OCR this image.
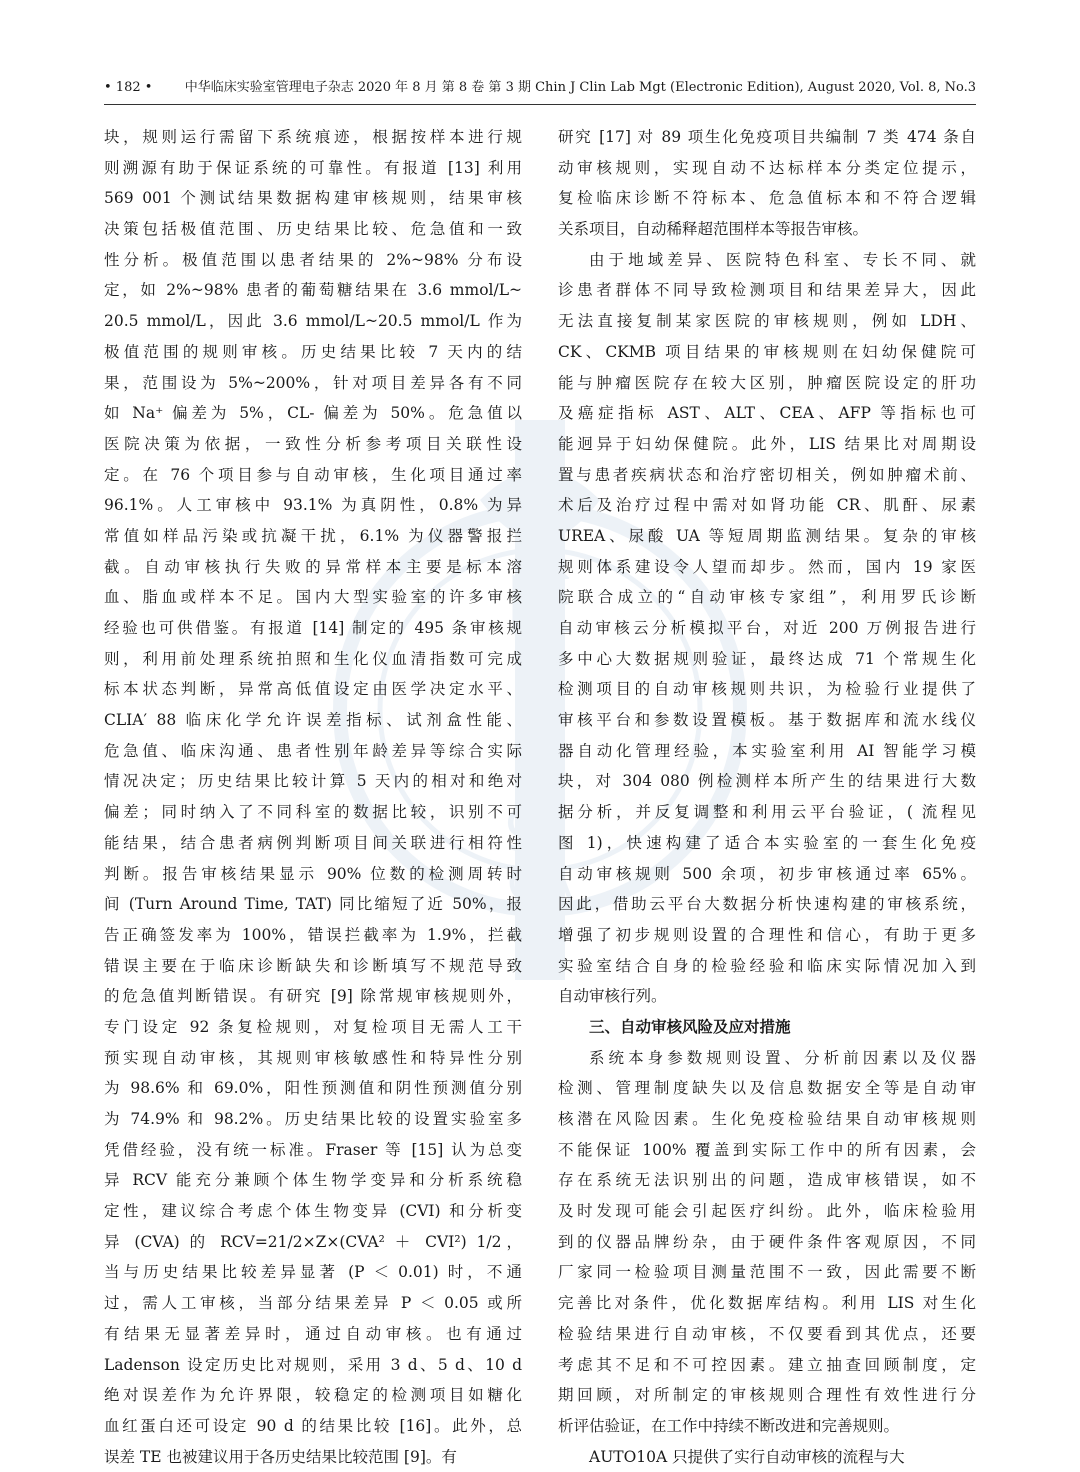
医
91
CA
• 182 • 中华临床实验室管理电子杂志 2020 年 8 月 第 8 卷 第 3 期 Chin J Clin Lab Mgt (Electronic Edition), August 2020, Vol. 8, No.3
块，规则运行需留下系统痕迹，根据按样本进行规
则溯源有助于保证系统的可靠性。有报道 [13] 利用
569 001 个测试结果数据构建审核规则，结果审核
决策包括极值范围、历史结果比较、危急值和一致
性分析。极值范围以患者结果的 2%~98% 分布设
定，如 2%~98% 患者的葡萄糖结果在 3.6 mmol/L~
20.5 mmol/L，因此 3.6 mmol/L~20.5 mmol/L 作为
极值范围的规则审核。历史结果比较 7 天内的结
果，范围设为 5%~200%，针对项目差异各有不同
如 Na⁺ 偏差为 5%，CL- 偏差为 50%。危急值以
医院决策为依据，一致性分析参考项目关联性设
定。在 76 个项目参与自动审核，生化项目通过率
96.1%。人工审核中 93.1% 为真阴性，0.8% 为异
常值如样品污染或抗凝干扰，6.1% 为仪器警报拦
截。自动审核执行失败的异常样本主要是标本溶
血、脂血或样本不足。国内大型实验室的许多审核
经验也可供借鉴。有报道 [14] 制定的 495 条审核规
则，利用前处理系统拍照和生化仪血清指数可完成
标本状态判断，异常高低值设定由医学决定水平、
CLIA′ 88 临床化学允许误差指标、试剂盒性能、
危急值、临床沟通、患者性别年龄差异等综合实际
情况决定；历史结果比较计算 5 天内的相对和绝对
偏差；同时纳入了不同科室的数据比较，识别不可
能结果，结合患者病例判断项目间关联进行相符性
判断。报告审核结果显示 90% 位数的检测周转时
间 (Turn Around Time, TAT) 同比缩短了近 50%，报
告正确签发率为 100%，错误拦截率为 1.9%，拦截
错误主要在于临床诊断缺失和诊断填写不规范导致
的危急值判断错误。有研究 [9] 除常规审核规则外，
专门设定 92 条复检规则，对复检项目无需人工干
预实现自动审核，其规则审核敏感性和特异性分别
为 98.6% 和 69.0%，阳性预测值和阴性预测值分别
为 74.9% 和 98.2%。历史结果比较的设置实验室多
凭借经验，没有统一标准。Fraser 等 [15] 认为总变
异 RCV 能充分兼顾个体生物学变异和分析系统稳
定性，建议综合考虑个体生物变异 (CVI) 和分析变
异 (CVA) 的 RCV=21/2×Z×(CVA² ＋ CVI²) 1/2，
当与历史结果比较差异显著 (P ＜ 0.01) 时，不通
过，需人工审核，当部分结果差异 P ＜ 0.05 或所
有结果无显著差异时，通过自动审核。也有通过
Ladenson 设定历史比对规则，采用 3 d、5 d、10 d
绝对误差作为允许界限，较稳定的检测项目如糖化
血红蛋白还可设定 90 d 的结果比较 [16]。此外，总
误差 TE 也被建议用于各历史结果比较范围 [9]。有
研究 [17] 对 89 项生化免疫项目共编制 7 类 474 条自
动审核规则，实现自动不达标样本分类定位提示，
复检临床诊断不符标本、危急值标本和不符合逻辑
关系项目，自动稀释超范围样本等报告审核。
由于地域差异、医院特色科室、专长不同、就
诊患者群体不同导致检测项目和结果差异大，因此
无法直接复制某家医院的审核规则，例如 LDH、
CK、CKMB 项目结果的审核规则在妇幼保健院可
能与肿瘤医院存在较大区别，肿瘤医院设定的肝功
及癌症指标 AST、ALT、CEA、AFP 等指标也可
能迥异于妇幼保健院。此外，LIS 结果比对周期设
置与患者疾病状态和治疗密切相关，例如肿瘤术前、
术后及治疗过程中需对如肾功能 CR、肌酐、尿素
UREA、尿酸 UA 等短周期监测结果。复杂的审核
规则体系建设令人望而却步。然而，国内 19 家医
院联合成立的“自动审核专家组”，利用罗氏诊断
自动审核云分析模拟平台，对近 200 万例报告进行
多中心大数据规则验证，最终达成 71 个常规生化
检测项目的自动审核规则共识，为检验行业提供了
审核平台和参数设置模板。基于数据库和流水线仪
器自动化管理经验，本实验室利用 AI 智能学习模
块，对 304 080 例检测样本所产生的结果进行大数
据分析，并反复调整和利用云平台验证，( 流程见
图 1)，快速构建了适合本实验室的一套生化免疫
自动审核规则 500 余项，初步审核通过率 65%。
因此，借助云平台大数据分析快速构建的审核系统，
增强了初步规则设置的合理性和信心，有助于更多
实验室结合自身的检验经验和临床实际情况加入到
自动审核行列。
三、自动审核风险及应对措施
系统本身参数规则设置、分析前因素以及仪器
检测、管理制度缺失以及信息数据安全等是自动审
核潜在风险因素。生化免疫检验结果自动审核规则
不能保证 100% 覆盖到实际工作中的所有因素，会
存在系统无法识别出的问题，造成审核错误，如不
及时发现可能会引起医疗纠纷。此外，临床检验用
到的仪器品牌纷杂，由于硬件条件客观原因，不同
厂家同一检验项目测量范围不一致，因此需要不断
完善比对条件，优化数据库结构。利用 LIS 对生化
检验结果进行自动审核，不仅要看到其优点，还要
考虑其不足和不可控因素。建立抽查回顾制度，定
期回顾，对所制定的审核规则合理性有效性进行分
析评估验证，在工作中持续不断改进和完善规则。
AUTO10A 只提供了实行自动审核的流程与大
